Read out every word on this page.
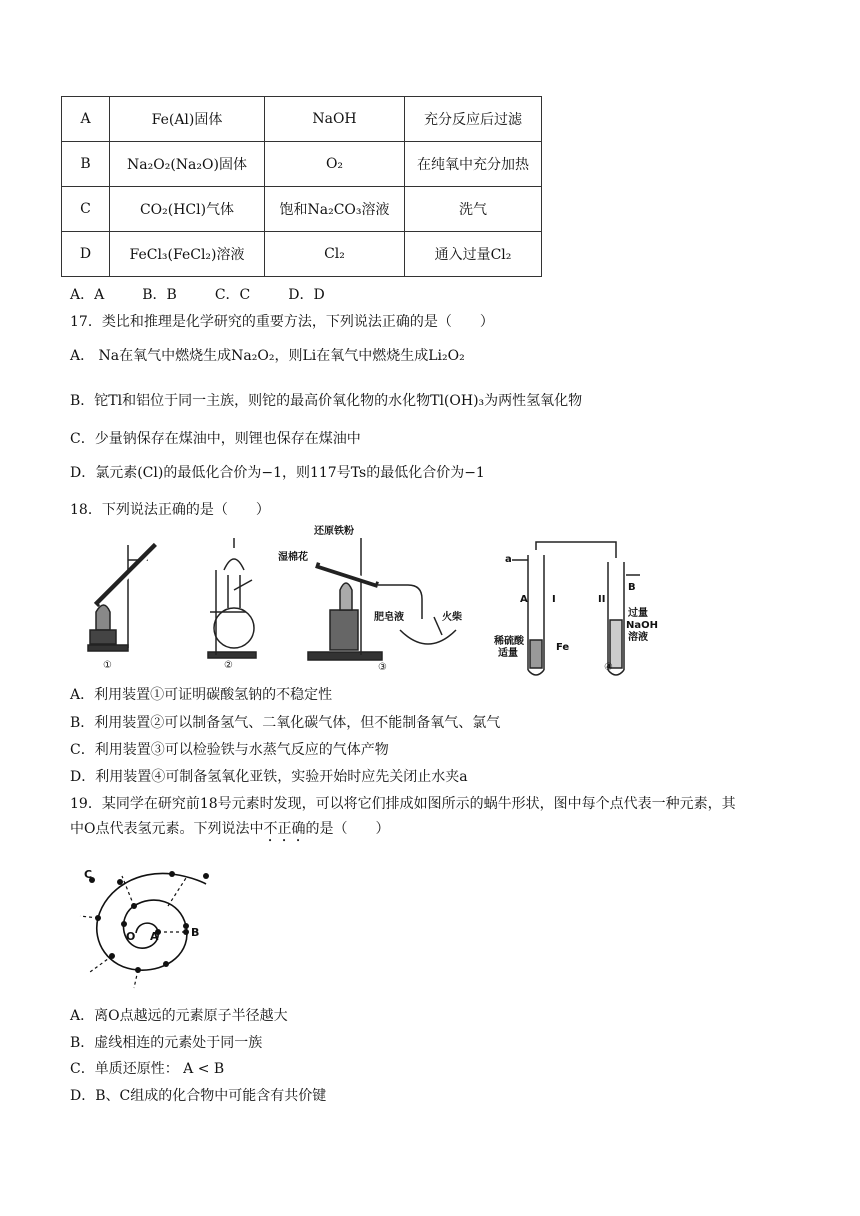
A	Fe(Al)固体	NaOH	充分反应后过滤
B	Na₂O₂(Na₂O)固体	O₂	在纯氧中充分加热
C	CO₂(HCl)气体	饱和Na₂CO₃溶液	洗气
D	FeCl₃(FeCl₂)溶液	Cl₂	通入过量Cl₂
A．A	B．B	C．C	D．D
17．类比和推理是化学研究的重要方法，下列说法正确的是（　　）
A． Na在氧气中燃烧生成Na₂O₂，则Li在氧气中燃烧生成Li₂O₂
B．铊Tl和铝位于同一主族，则铊的最高价氧化物的水化物Tl(OH)₃为两性氢氧化物
C．少量钠保存在煤油中，则锂也保存在煤油中
D．氯元素(Cl)的最低化合价为−1，则117号Ts的最低化合价为−1
18．下列说法正确的是（　　）
①	②	③	④
湿棉花
还原铁粉
肥皂液	火柴
a
A I	II
B
稀硫酸
适量
Fe
过量
NaOH
溶液
A．利用装置①可证明碳酸氢钠的不稳定性
B．利用装置②可以制备氢气、二氧化碳气体，但不能制备氧气、氯气
C．利用装置③可以检验铁与水蒸气反应的气体产物
D．利用装置④可制备氢氧化亚铁，实验开始时应先关闭止水夹a
19．某同学在研究前18号元素时发现，可以将它们排成如图所示的蜗牛形状，图中每个点代表一种元素，其
中O点代表氢元素。下列说法中不正确的是（　　）
O A	B
C
A．离O点越远的元素原子半径越大
B．虚线相连的元素处于同一族
C．单质还原性： A < B
D．B、C组成的化合物中可能含有共价键
